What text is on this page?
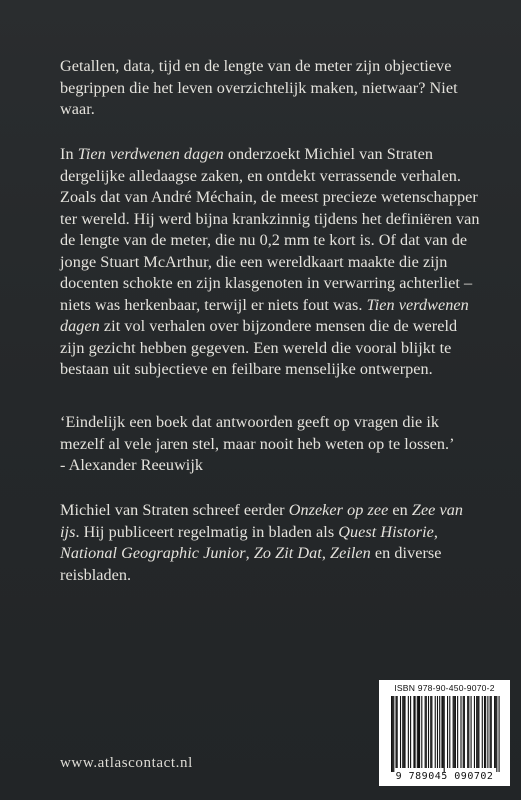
Getallen, data, tijd en de lengte van de meter zijn objectieve begrippen die het leven overzichtelijk maken, nietwaar? Niet waar.

In Tien verdwenen dagen onderzoekt Michiel van Straten dergelijke alledaagse zaken, en ontdekt verrassende verhalen. Zoals dat van André Méchain, de meest precieze wetenschapper ter wereld. Hij werd bijna krankzinnig tijdens het definiëren van de lengte van de meter, die nu 0,2 mm te kort is. Of dat van de jonge Stuart McArthur, die een wereldkaart maakte die zijn docenten schokte en zijn klasgenoten in verwarring achterliet – niets was herkenbaar, terwijl er niets fout was. Tien verdwenen dagen zit vol verhalen over bijzondere mensen die de wereld zijn gezicht hebben gegeven. Een wereld die vooral blijkt te bestaan uit subjectieve en feilbare menselijke ontwerpen.

‘Eindelijk een boek dat antwoorden geeft op vragen die ik mezelf al vele jaren stel, maar nooit heb weten op te lossen.’

- Alexander Reeuwijk

Michiel van Straten schreef eerder Onzeker op zee en Zee van ijs. Hij publiceert regelmatig in bladen als Quest Historie, National Geographic Junior, Zo Zit Dat, Zeilen en diverse reisbladen.

www.atlascontact.nl
ISBN 978-90-450-9070-2
9 789045 090702
